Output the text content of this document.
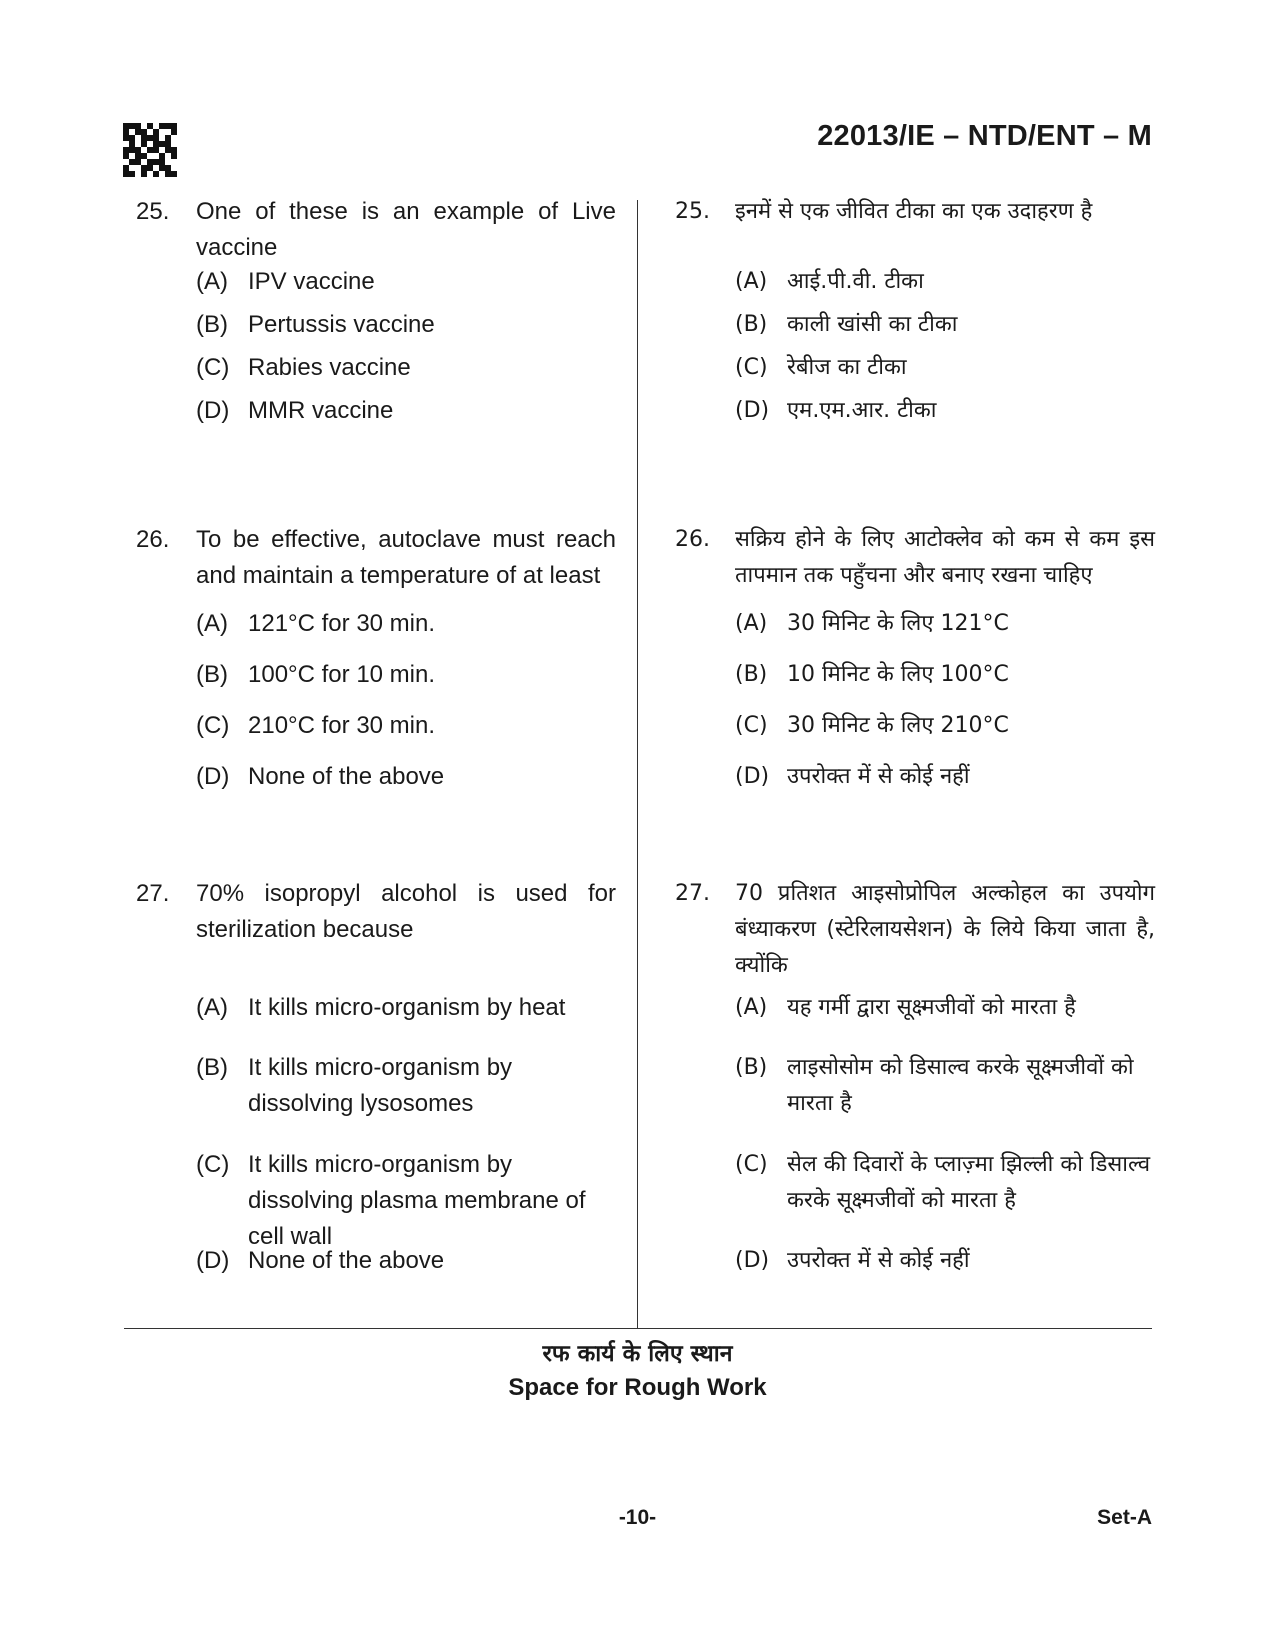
22013/IE – NTD/ENT – M
25.	One of these is an example of Live vaccine
(A) IPV vaccine
(B) Pertussis vaccine
(C) Rabies vaccine
(D) MMR vaccine
26.	To be effective, autoclave must reach and maintain a temperature of at least
(A) 121°C for 30 min.
(B) 100°C for 10 min.
(C) 210°C for 30 min.
(D) None of the above
27.	70% isopropyl alcohol is used for sterilization because
(A) It kills micro-organism by heat
(B) It kills micro-organism by dissolving lysosomes
(C) It kills micro-organism by dissolving plasma membrane of cell wall
(D) None of the above
25.	इनमें से एक जीवित टीका का एक उदाहरण है
(A) आई.पी.वी. टीका
(B) काली खांसी का टीका
(C) रेबीज का टीका
(D) एम.एम.आर. टीका
26.	सक्रिय होने के लिए आटोक्लेव को कम से कम इस तापमान तक पहुँचना और बनाए रखना चाहिए
(A) 30 मिनिट के लिए 121°C
(B) 10 मिनिट के लिए 100°C
(C) 30 मिनिट के लिए 210°C
(D) उपरोक्त में से कोई नहीं
27.	70 प्रतिशत आइसोप्रोपिल अल्कोहल का उपयोग बंध्याकरण (स्टेरिलायसेशन) के लिये किया जाता है, क्योंकि
(A) यह गर्मी द्वारा सूक्ष्मजीवों को मारता है
(B) लाइसोसोम को डिसाल्व करके सूक्ष्मजीवों को मारता है
(C) सेल की दिवारों के प्लाज़्मा झिल्ली को डिसाल्व करके सूक्ष्मजीवों को मारता है
(D) उपरोक्त में से कोई नहीं
रफ कार्य के लिए स्थान
Space for Rough Work
-10-	Set-A
